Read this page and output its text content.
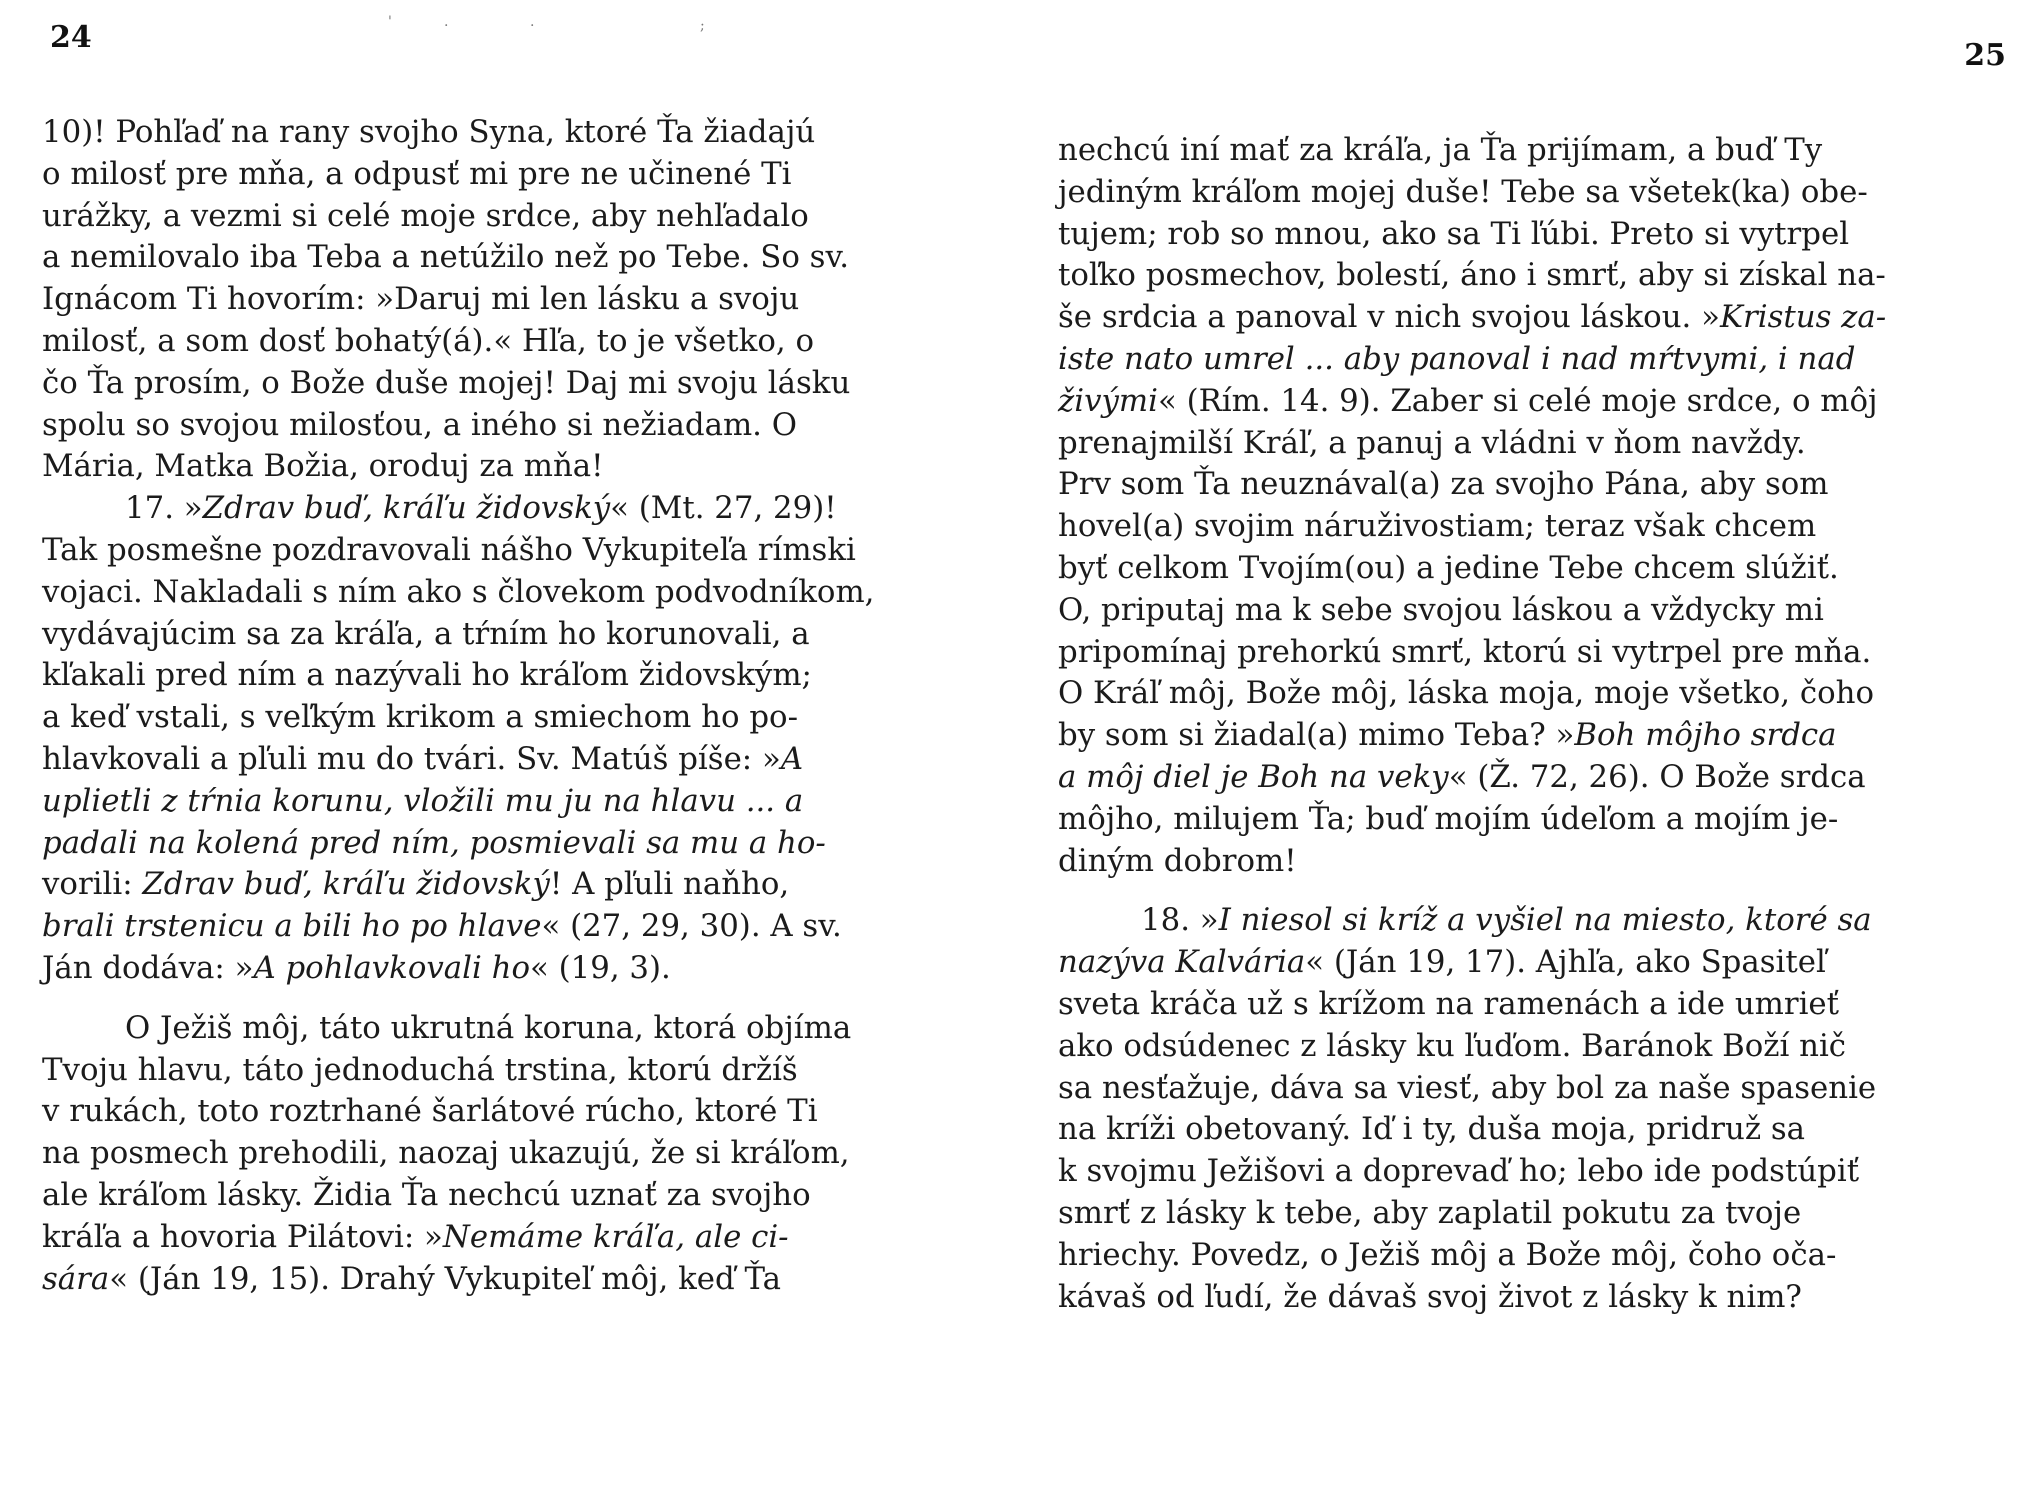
24	'	.	.	;
10)! Pohľaď na rany svojho Syna, ktoré Ťa žiadajú
o milosť pre mňa, a odpusť mi pre ne učinené Ti
urážky, a vezmi si celé moje srdce, aby nehľadalo
a nemilovalo iba Teba a netúžilo než po Tebe. So sv.
Ignácom Ti hovorím: »Daruj mi len lásku a svoju
milosť, a som dosť bohatý(á).« Hľa, to je všetko, o
čo Ťa prosím, o Bože duše mojej! Daj mi svoju lásku
spolu so svojou milosťou, a iného si nežiadam. O
Mária, Matka Božia, oroduj za mňa!
17. »Zdrav buď, kráľu židovský« (Mt. 27, 29)!
Tak posmešne pozdravovali nášho Vykupiteľa rímski
vojaci. Nakladali s ním ako s človekom podvodníkom,
vydávajúcim sa za kráľa, a tŕním ho korunovali, a
kľakali pred ním a nazývali ho kráľom židovským;
a keď vstali, s veľkým krikom a smiechom ho po-
hlavkovali a pľuli mu do tvári. Sv. Matúš píše: »A
uplietli z tŕnia korunu, vložili mu ju na hlavu ... a
padali na kolená pred ním, posmievali sa mu a ho-
vorili: Zdrav buď, kráľu židovský! A pľuli naňho,
brali trstenicu a bili ho po hlave« (27, 29, 30). A sv.
Ján dodáva: »A pohlavkovali ho« (19, 3).
O Ježiš môj, táto ukrutná koruna, ktorá objíma
Tvoju hlavu, táto jednoduchá trstina, ktorú držíš
v rukách, toto roztrhané šarlátové rúcho, ktoré Ti
na posmech prehodili, naozaj ukazujú, že si kráľom,
ale kráľom lásky. Židia Ťa nechcú uznať za svojho
kráľa a hovoria Pilátovi: »Nemáme kráľa, ale ci-
sára« (Ján 19, 15). Drahý Vykupiteľ môj, keď Ťa
25
nechcú iní mať za kráľa, ja Ťa prijímam, a buď Ty
jediným kráľom mojej duše! Tebe sa všetek(ka) obe-
tujem; rob so mnou, ako sa Ti ľúbi. Preto si vytrpel
toľko posmechov, bolestí, áno i smrť, aby si získal na-
še srdcia a panoval v nich svojou láskou. »Kristus za-
iste nato umrel ... aby panoval i nad mŕtvymi, i nad
živými« (Rím. 14. 9). Zaber si celé moje srdce, o môj
prenajmilší Kráľ, a panuj a vládni v ňom navždy.
Prv som Ťa neuznával(a) za svojho Pána, aby som
hovel(a) svojim náruživostiam; teraz však chcem
byť celkom Tvojím(ou) a jedine Tebe chcem slúžiť.
O, priputaj ma k sebe svojou láskou a vždycky mi
pripomínaj prehorkú smrť, ktorú si vytrpel pre mňa.
O Kráľ môj, Bože môj, láska moja, moje všetko, čoho
by som si žiadal(a) mimo Teba? »Boh môjho srdca
a môj diel je Boh na veky« (Ž. 72, 26). O Bože srdca
môjho, milujem Ťa; buď mojím údeľom a mojím je-
diným dobrom!
18. »I niesol si kríž a vyšiel na miesto, ktoré sa
nazýva Kalvária« (Ján 19, 17). Ajhľa, ako Spasiteľ
sveta kráča už s krížom na ramenách a ide umrieť
ako odsúdenec z lásky ku ľuďom. Baránok Boží nič
sa nesťažuje, dáva sa viesť, aby bol za naše spasenie
na kríži obetovaný. Iď i ty, duša moja, pridruž sa
k svojmu Ježišovi a doprevaď ho; lebo ide podstúpiť
smrť z lásky k tebe, aby zaplatil pokutu za tvoje
hriechy. Povedz, o Ježiš môj a Bože môj, čoho oča-
kávaš od ľudí, že dávaš svoj život z lásky k nim?
